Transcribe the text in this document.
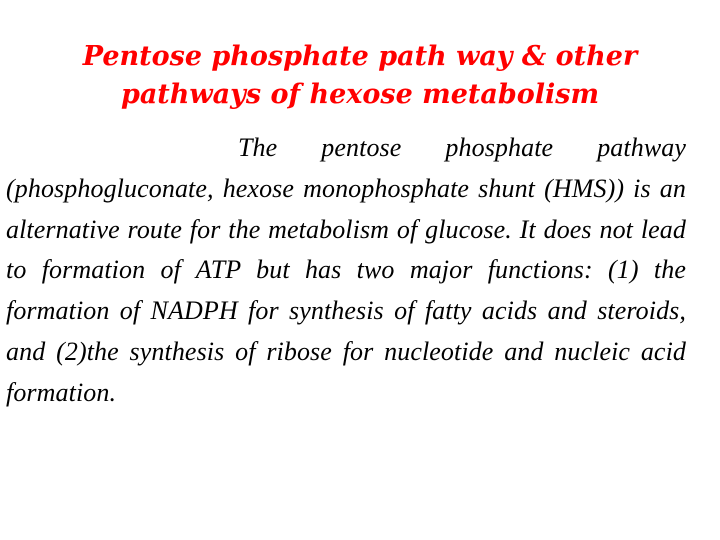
Pentose phosphate path way & other
pathways of hexose metabolism

The pentose phosphate pathway (phosphogluconate, hexose monophosphate shunt (HMS)) is an alternative route for the metabolism of glucose. It does not lead to formation of ATP but has two major functions: (1) the formation of NADPH for synthesis of fatty acids and steroids, and (2)the synthesis of ribose for nucleotide and nucleic acid formation.
